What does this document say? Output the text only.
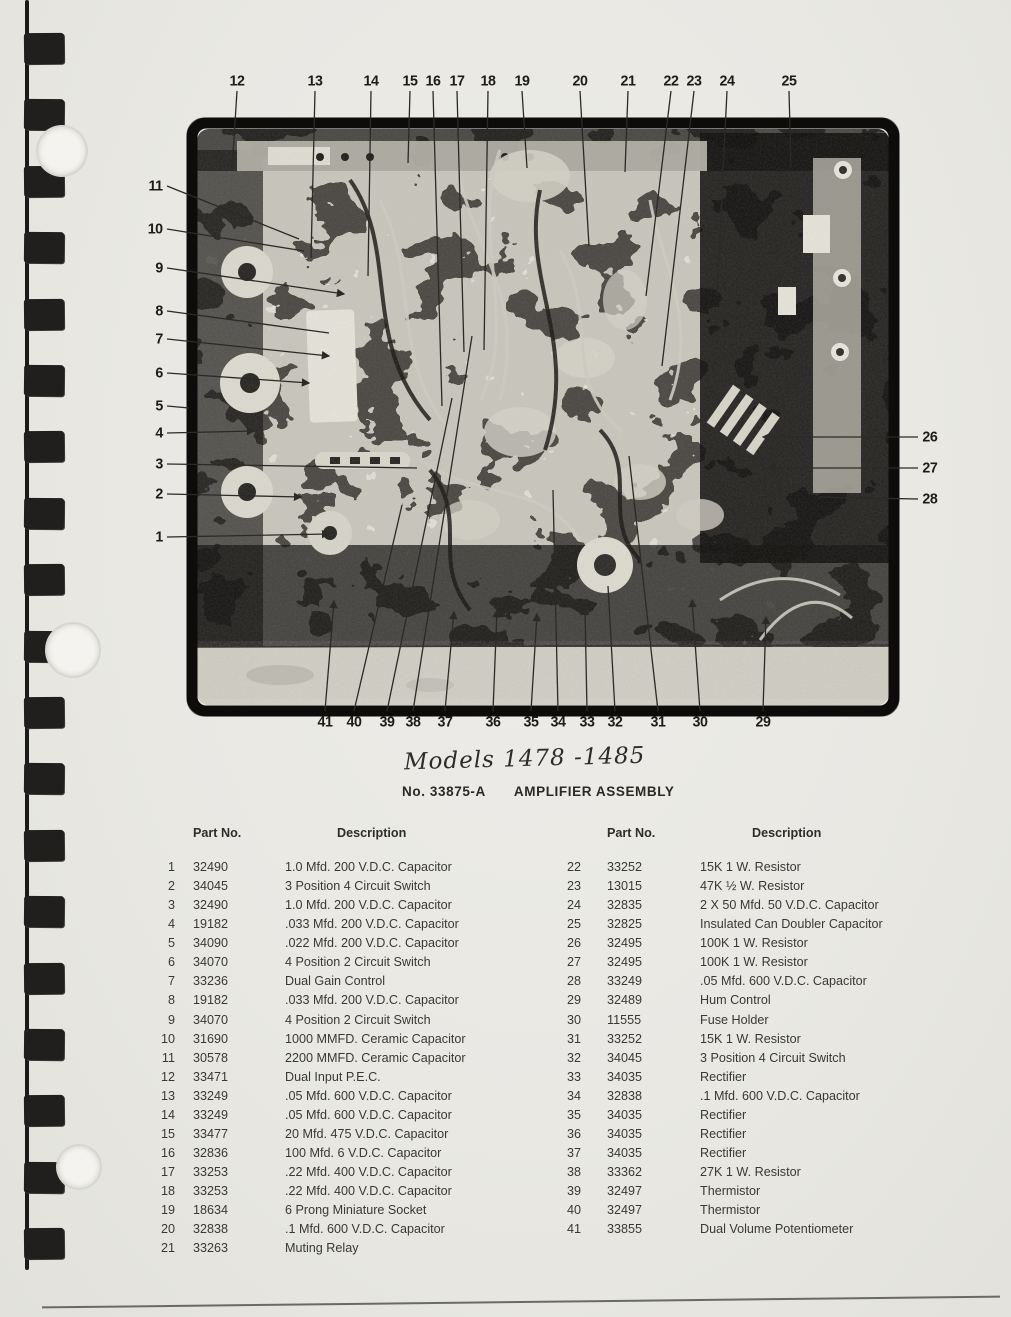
12	13	14 15 16 17 18 19	20 21 22 23 24	25
11
10
9
8
7
6
5
4
3
2
1
26
27
28
41 40 39 38 37 36 35 34 33 32 31 30	29
Models 1478 -1485
No. 33875-A AMPLIFIER ASSEMBLY
Part No.	Description	Part No.	Description
1 32490	1.0 Mfd. 200 V.D.C. Capacitor
2 34045	3 Position 4 Circuit Switch
3 32490	1.0 Mfd. 200 V.D.C. Capacitor
4 19182	.033 Mfd. 200 V.D.C. Capacitor
5 34090	.022 Mfd. 200 V.D.C. Capacitor
6 34070	4 Position 2 Circuit Switch
7 33236	Dual Gain Control
8 19182	.033 Mfd. 200 V.D.C. Capacitor
9 34070	4 Position 2 Circuit Switch
10 31690	1000 MMFD. Ceramic Capacitor
11 30578	2200 MMFD. Ceramic Capacitor
12 33471	Dual Input P.E.C.
13 33249	.05 Mfd. 600 V.D.C. Capacitor
14 33249	.05 Mfd. 600 V.D.C. Capacitor
15 33477	20 Mfd. 475 V.D.C. Capacitor
16 32836	100 Mfd. 6 V.D.C. Capacitor
17 33253	.22 Mfd. 400 V.D.C. Capacitor
18 33253	.22 Mfd. 400 V.D.C. Capacitor
19 18634	6 Prong Miniature Socket
20 32838	.1 Mfd. 600 V.D.C. Capacitor
21 33263	Muting Relay
22 33252	15K 1 W. Resistor
23 13015	47K ½ W. Resistor
24 32835	2 X 50 Mfd. 50 V.D.C. Capacitor
25 32825	Insulated Can Doubler Capacitor
26 32495	100K 1 W. Resistor
27 32495	100K 1 W. Resistor
28 33249	.05 Mfd. 600 V.D.C. Capacitor
29 32489	Hum Control
30 11555	Fuse Holder
31 33252	15K 1 W. Resistor
32 34045	3 Position 4 Circuit Switch
33 34035	Rectifier
34 32838	.1 Mfd. 600 V.D.C. Capacitor
35 34035	Rectifier
36 34035	Rectifier
37 34035	Rectifier
38 33362	27K 1 W. Resistor
39 32497	Thermistor
40 32497	Thermistor
41 33855	Dual Volume Potentiometer
